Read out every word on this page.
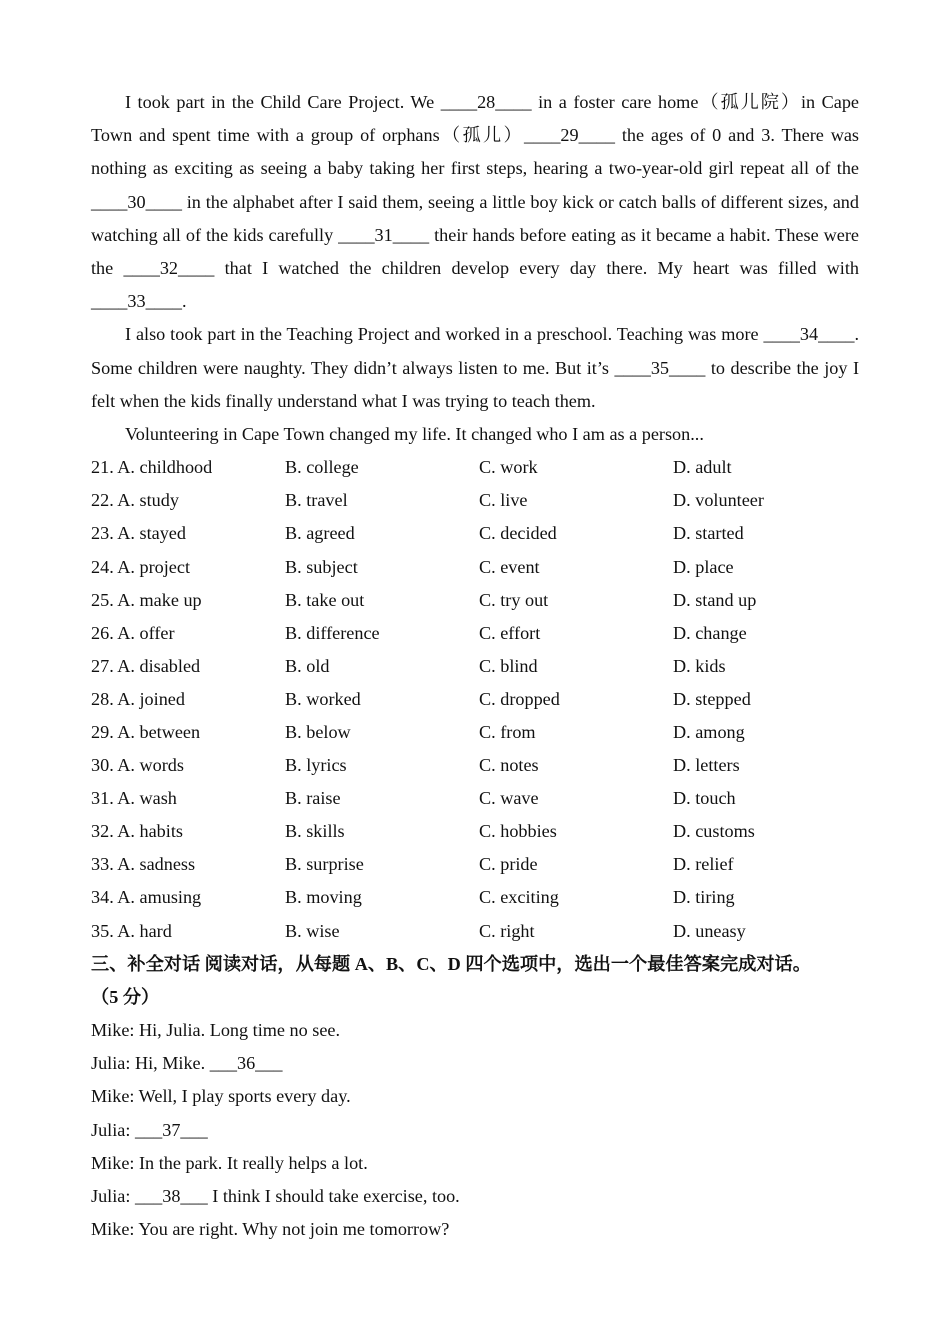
I took part in the Child Care Project. We ____28____ in a foster care home（孤儿院）in Cape Town and spent time with a group of orphans（孤儿）____29____ the ages of 0 and 3. There was nothing as exciting as seeing a baby taking her first steps, hearing a two-year-old girl repeat all of the ____30____ in the alphabet after I said them, seeing a little boy kick or catch balls of different sizes, and watching all of the kids carefully ____31____ their hands before eating as it became a habit. These were the ____32____ that I watched the children develop every day there. My heart was filled with ____33____.

I also took part in the Teaching Project and worked in a preschool. Teaching was more ____34____. Some children were naughty. They didn’t always listen to me. But it’s ____35____ to describe the joy I felt when the kids finally understand what I was trying to teach them.

Volunteering in Cape Town changed my life. It changed who I am as a person...

21. A. childhood	B. college	C. work	D. adult
22. A. study	B. travel	C. live	D. volunteer
23. A. stayed	B. agreed	C. decided	D. started
24. A. project	B. subject	C. event	D. place
25. A. make up	B. take out	C. try out	D. stand up
26. A. offer	B. difference	C. effort	D. change
27. A. disabled	B. old	C. blind	D. kids
28. A. joined	B. worked	C. dropped	D. stepped
29. A. between	B. below	C. from	D. among
30. A. words	B. lyrics	C. notes	D. letters
31. A. wash	B. raise	C. wave	D. touch
32. A. habits	B. skills	C. hobbies	D. customs
33. A. sadness	B. surprise	C. pride	D. relief
34. A. amusing	B. moving	C. exciting	D. tiring
35. A. hard	B. wise	C. right	D. uneasy

三、补全对话 阅读对话，从每题 A、B、C、D 四个选项中，选出一个最佳答案完成对话。
（5 分）

Mike: Hi, Julia. Long time no see.

Julia: Hi, Mike. ___36___

Mike: Well, I play sports every day.

Julia: ___37___

Mike: In the park. It really helps a lot.

Julia: ___38___ I think I should take exercise, too.

Mike: You are right. Why not join me tomorrow?
